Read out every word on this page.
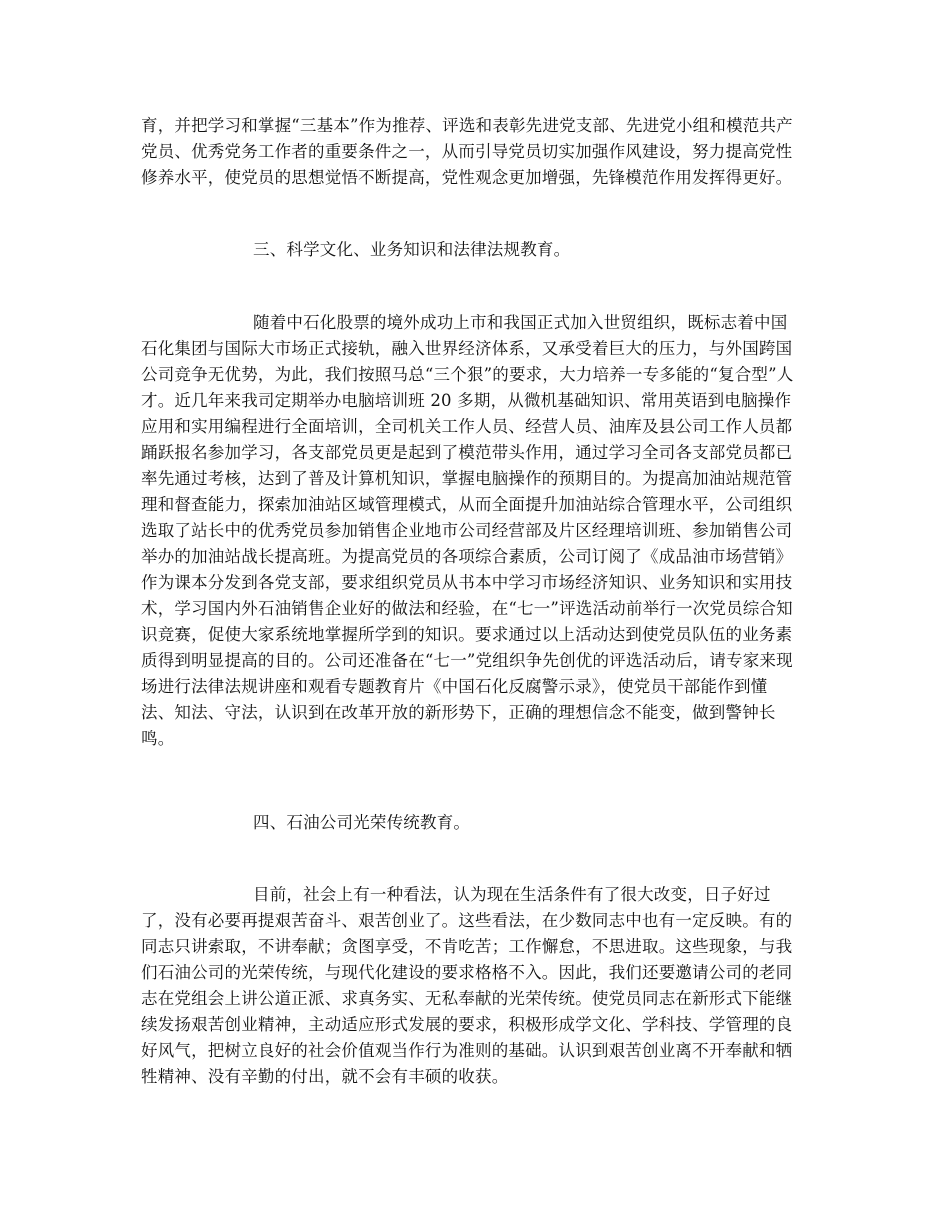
育，并把学习和掌握“三基本”作为推荐、评选和表彰先进党支部、先进党小组和模范共产
党员、优秀党务工作者的重要条件之一，从而引导党员切实加强作风建设，努力提高党性
修养水平，使党员的思想觉悟不断提高，党性观念更加增强，先锋模范作用发挥得更好。
三、科学文化、业务知识和法律法规教育。
随着中石化股票的境外成功上市和我国正式加入世贸组织，既标志着中国
石化集团与国际大市场正式接轨，融入世界经济体系，又承受着巨大的压力，与外国跨国
公司竞争无优势，为此，我们按照马总“三个狠”的要求，大力培养一专多能的“复合型”人
才。近几年来我司定期举办电脑培训班 20 多期，从微机基础知识、常用英语到电脑操作
应用和实用编程进行全面培训，全司机关工作人员、经营人员、油库及县公司工作人员都
踊跃报名参加学习，各支部党员更是起到了模范带头作用，通过学习全司各支部党员都已
率先通过考核，达到了普及计算机知识，掌握电脑操作的预期目的。为提高加油站规范管
理和督查能力，探索加油站区域管理模式，从而全面提升加油站综合管理水平，公司组织
选取了站长中的优秀党员参加销售企业地市公司经营部及片区经理培训班、参加销售公司
举办的加油站战长提高班。为提高党员的各项综合素质，公司订阅了《成品油市场营销》
作为课本分发到各党支部，要求组织党员从书本中学习市场经济知识、业务知识和实用技
术，学习国内外石油销售企业好的做法和经验，在“七一”评选活动前举行一次党员综合知
识竞赛，促使大家系统地掌握所学到的知识。要求通过以上活动达到使党员队伍的业务素
质得到明显提高的目的。公司还准备在“七一”党组织争先创优的评选活动后，请专家来现
场进行法律法规讲座和观看专题教育片《中国石化反腐警示录》，使党员干部能作到懂
法、知法、守法，认识到在改革开放的新形势下，正确的理想信念不能变，做到警钟长
鸣。
四、石油公司光荣传统教育。
目前，社会上有一种看法，认为现在生活条件有了很大改变，日子好过
了，没有必要再提艰苦奋斗、艰苦创业了。这些看法，在少数同志中也有一定反映。有的
同志只讲索取，不讲奉献；贪图享受，不肯吃苦；工作懈怠，不思进取。这些现象，与我
们石油公司的光荣传统，与现代化建设的要求格格不入。因此，我们还要邀请公司的老同
志在党组会上讲公道正派、求真务实、无私奉献的光荣传统。使党员同志在新形式下能继
续发扬艰苦创业精神，主动适应形式发展的要求，积极形成学文化、学科技、学管理的良
好风气，把树立良好的社会价值观当作行为准则的基础。认识到艰苦创业离不开奉献和牺
牲精神、没有辛勤的付出，就不会有丰硕的收获。
